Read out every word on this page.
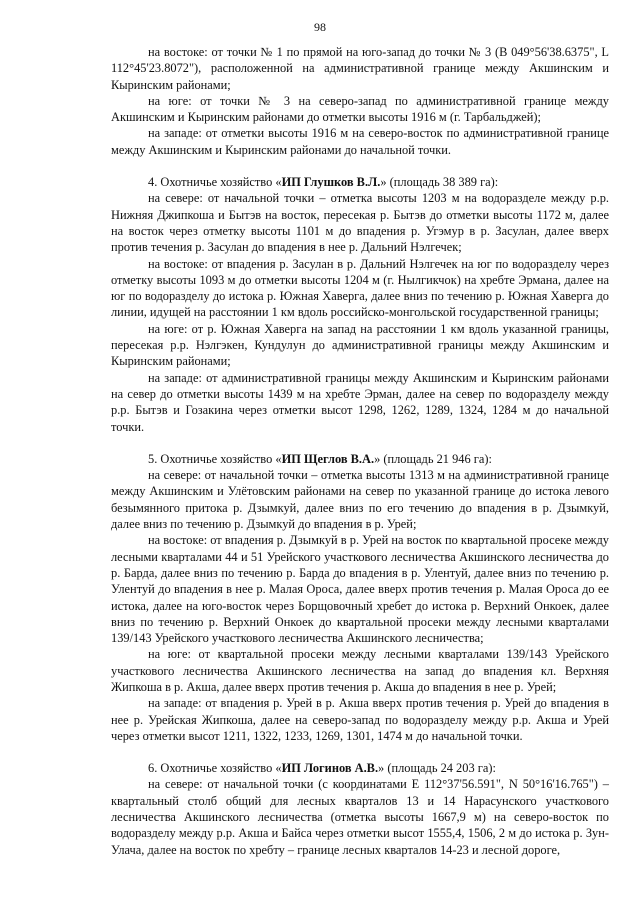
98

на востоке: от точки № 1 по прямой на юго-запад до точки № 3 (B 049°56'38.6375", L 112°45'23.8072"), расположенной на административной границе между Акшинским и Кыринским районами;

на юге: от точки № 3 на северо-запад по административной границе между Акшинским и Кыринским районами до отметки высоты 1916 м (г. Тарбальджей);

на западе: от отметки высоты 1916 м на северо-восток по административной границе между Акшинским и Кыринским районами до начальной точки.

4. Охотничье хозяйство «ИП Глушков В.Л.» (площадь 38 389 га):

на севере: от начальной точки – отметка высоты 1203 м на водоразделе между р.р. Нижняя Джипкоша и Бытэв на восток, пересекая р. Бытэв до отметки высоты 1172 м, далее на восток через отметку высоты 1101 м до впадения р. Угэмур в р. Засулан, далее вверх против течения р. Засулан до впадения в нее р. Дальний Нэлгечек;

на востоке: от впадения р. Засулан в р. Дальний Нэлгечек на юг по водоразделу через отметку высоты 1093 м до отметки высоты 1204 м (г. Нылгикчок) на хребте Эрмана, далее на юг по водоразделу до истока р. Южная Хаверга, далее вниз по течению р. Южная Хаверга до линии, идущей на расстоянии 1 км вдоль российско-монгольской государственной границы;

на юге: от р. Южная Хаверга на запад на расстоянии 1 км вдоль указанной границы, пересекая р.р. Нэлгэкен, Кундулун до административной границы между Акшинским и Кыринским районами;

на западе: от административной границы между Акшинским и Кыринским районами на север до отметки высоты 1439 м на хребте Эрман, далее на север по водоразделу между р.р. Бытэв и Гозакина через отметки высот 1298, 1262, 1289, 1324, 1284 м до начальной точки.

5. Охотничье хозяйство «ИП Щеглов В.А.» (площадь 21 946 га):

на севере: от начальной точки – отметка высоты 1313 м на административной границе между Акшинским и Улётовским районами на север по указанной границе до истока левого безымянного притока р. Дзымкуй, далее вниз по его течению до впадения в р. Дзымкуй, далее вниз по течению р. Дзымкуй до впадения в р. Урей;

на востоке: от впадения р. Дзымкуй в р. Урей на восток по квартальной просеке между лесными кварталами 44 и 51 Урейского участкового лесничества Акшинского лесничества до р. Барда, далее вниз по течению р. Барда до впадения в р. Улентуй, далее вниз по течению р. Улентуй до впадения в нее р. Малая Ороса, далее вверх против течения р. Малая Ороса до ее истока, далее на юго-восток через Борщовочный хребет до истока р. Верхний Онкоек, далее вниз по течению р. Верхний Онкоек до квартальной просеки между лесными кварталами 139/143 Урейского участкового лесничества Акшинского лесничества;

на юге: от квартальной просеки между лесными кварталами 139/143 Урейского участкового лесничества Акшинского лесничества на запад до впадения кл. Верхняя Жипкоша в р. Акша, далее вверх против течения р. Акша до впадения в нее р. Урей;

на западе: от впадения р. Урей в р. Акша вверх против течения р. Урей до впадения в нее р. Урейская Жипкоша, далее на северо-запад по водоразделу между р.р. Акша и Урей через отметки высот 1211, 1322, 1233, 1269, 1301, 1474 м до начальной точки.

6. Охотничье хозяйство «ИП Логинов А.В.» (площадь 24 203 га):

на севере: от начальной точки (с координатами E 112°37'56.591", N 50°16'16.765") – квартальный столб общий для лесных кварталов 13 и 14 Нарасунского участкового лесничества Акшинского лесничества (отметка высоты 1667,9 м) на северо-восток по водоразделу между р.р. Акша и Байса через отметки высот 1555,4, 1506, 2 м до истока р. Зун-Улача, далее на восток по хребту – границе лесных кварталов 14-23 и лесной дороге,
